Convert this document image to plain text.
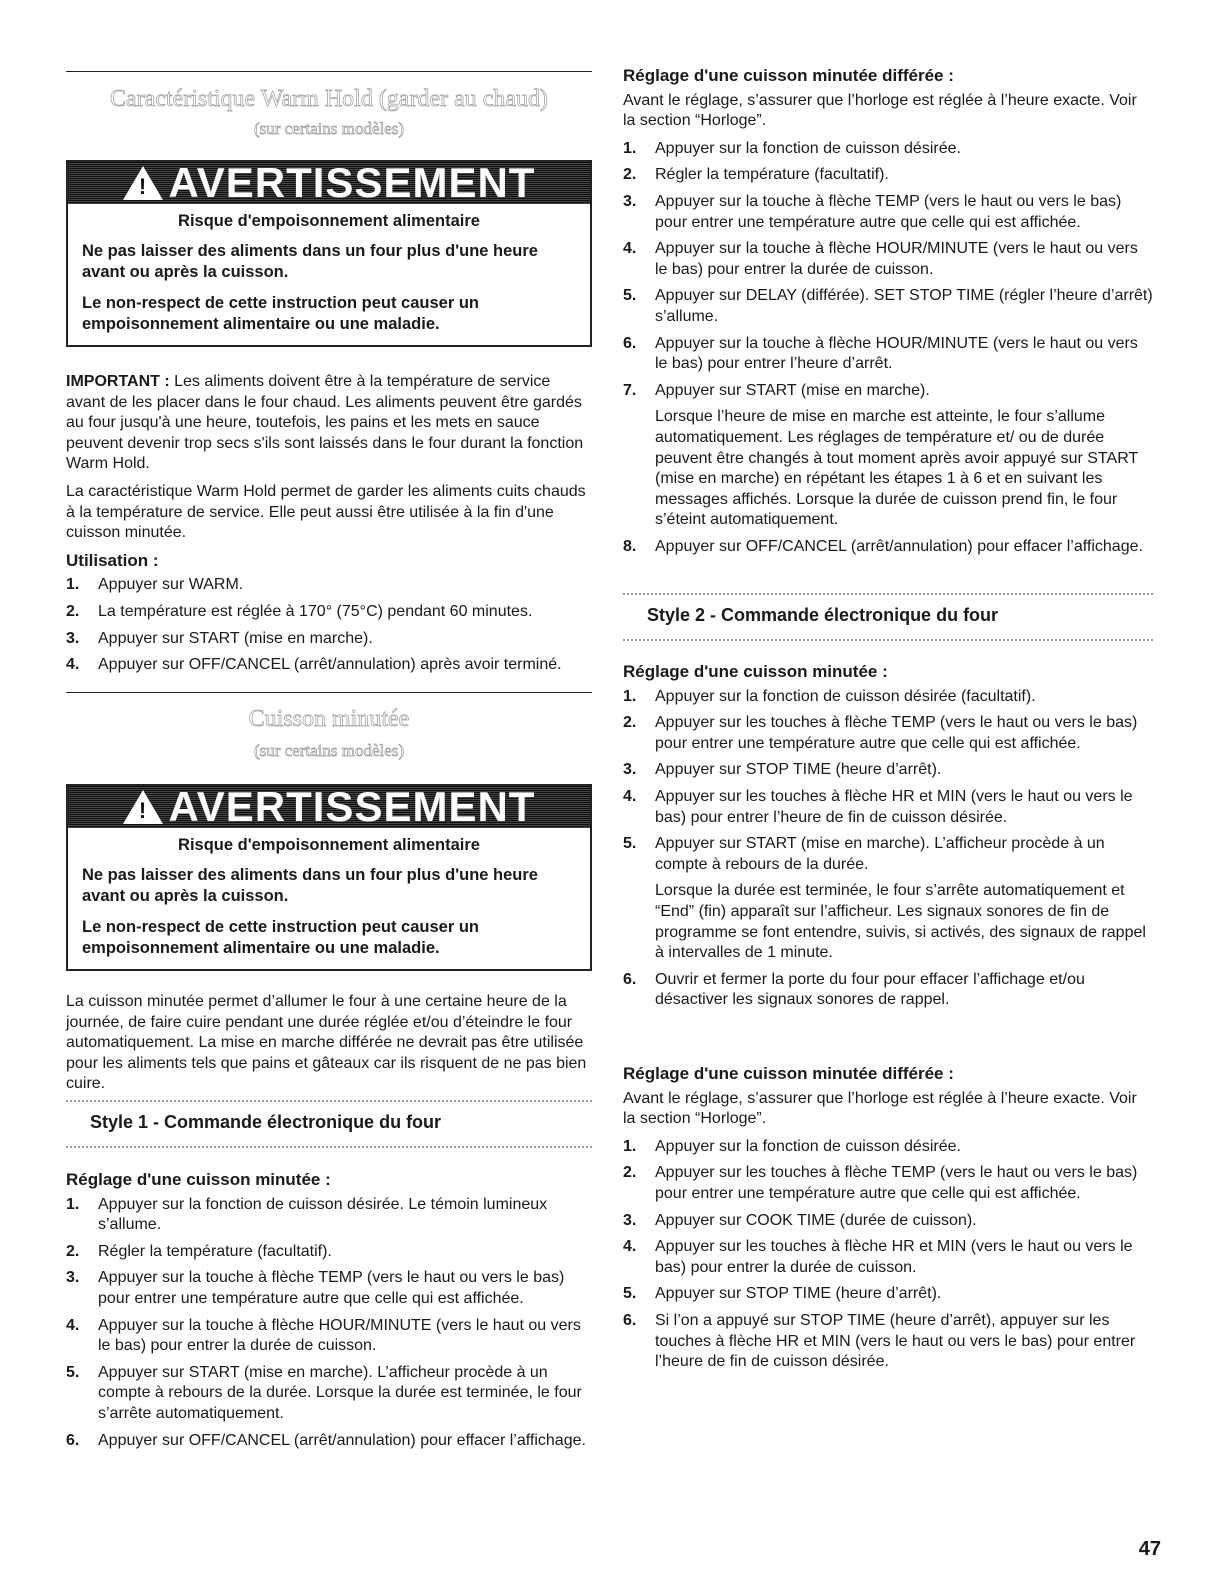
Caractéristique Warm Hold (garder au chaud)
(sur certains modèles)
! AVERTISSEMENT
Risque d'empoisonnement alimentaire

Ne pas laisser des aliments dans un four plus d'une heure avant ou après la cuisson.

Le non-respect de cette instruction peut causer un empoisonnement alimentaire ou une maladie.

IMPORTANT : Les aliments doivent être à la température de service avant de les placer dans le four chaud. Les aliments peuvent être gardés au four jusqu'à une heure, toutefois, les pains et les mets en sauce peuvent devenir trop secs s'ils sont laissés dans le four durant la fonction Warm Hold.

La caractéristique Warm Hold permet de garder les aliments cuits chauds à la température de service. Elle peut aussi être utilisée à la fin d'une cuisson minutée.

Utilisation :
1. Appuyer sur WARM.
2. La température est réglée à 170° (75°C) pendant 60 minutes.
3. Appuyer sur START (mise en marche).
4. Appuyer sur OFF/CANCEL (arrêt/annulation) après avoir terminé.
Cuisson minutée
(sur certains modèles)
! AVERTISSEMENT
Risque d'empoisonnement alimentaire

Ne pas laisser des aliments dans un four plus d'une heure avant ou après la cuisson.

Le non-respect de cette instruction peut causer un empoisonnement alimentaire ou une maladie.

La cuisson minutée permet d’allumer le four à une certaine heure de la journée, de faire cuire pendant une durée réglée et/ou d’éteindre le four automatiquement. La mise en marche différée ne devrait pas être utilisée pour les aliments tels que pains et gâteaux car ils risquent de ne pas bien cuire.

Style 1 - Commande électronique du four
Réglage d'une cuisson minutée :
1. Appuyer sur la fonction de cuisson désirée. Le témoin lumineux s’allume.
2. Régler la température (facultatif).
3. Appuyer sur la touche à flèche TEMP (vers le haut ou vers le bas) pour entrer une température autre que celle qui est affichée.
4. Appuyer sur la touche à flèche HOUR/MINUTE (vers le haut ou vers le bas) pour entrer la durée de cuisson.
5. Appuyer sur START (mise en marche). L’afficheur procède à un compte à rebours de la durée. Lorsque la durée est terminée, le four s’arrête automatiquement.
6. Appuyer sur OFF/CANCEL (arrêt/annulation) pour effacer l’affichage.
Réglage d'une cuisson minutée différée :

Avant le réglage, s’assurer que l’horloge est réglée à l’heure exacte. Voir la section “Horloge”.

1. Appuyer sur la fonction de cuisson désirée.
2. Régler la température (facultatif).
3. Appuyer sur la touche à flèche TEMP (vers le haut ou vers le bas) pour entrer une température autre que celle qui est affichée.
4. Appuyer sur la touche à flèche HOUR/MINUTE (vers le haut ou vers le bas) pour entrer la durée de cuisson.
5. Appuyer sur DELAY (différée). SET STOP TIME (régler l’heure d’arrêt) s’allume.
6. Appuyer sur la touche à flèche HOUR/MINUTE (vers le haut ou vers le bas) pour entrer l’heure d’arrêt.
7. Appuyer sur START (mise en marche).
Lorsque l’heure de mise en marche est atteinte, le four s’allume automatiquement. Les réglages de température et/ ou de durée peuvent être changés à tout moment après avoir appuyé sur START (mise en marche) en répétant les étapes 1 à 6 et en suivant les messages affichés. Lorsque la durée de cuisson prend fin, le four s’éteint automatiquement.
8. Appuyer sur OFF/CANCEL (arrêt/annulation) pour effacer l’affichage.
Style 2 - Commande électronique du four
Réglage d'une cuisson minutée :
1. Appuyer sur la fonction de cuisson désirée (facultatif).
2. Appuyer sur les touches à flèche TEMP (vers le haut ou vers le bas) pour entrer une température autre que celle qui est affichée.
3. Appuyer sur STOP TIME (heure d’arrêt).
4. Appuyer sur les touches à flèche HR et MIN (vers le haut ou vers le bas) pour entrer l’heure de fin de cuisson désirée.
5. Appuyer sur START (mise en marche). L’afficheur procède à un compte à rebours de la durée.
Lorsque la durée est terminée, le four s’arrête automatiquement et “End” (fin) apparaît sur l’afficheur. Les signaux sonores de fin de programme se font entendre, suivis, si activés, des signaux de rappel à intervalles de 1 minute.
6. Ouvrir et fermer la porte du four pour effacer l’affichage et/ou désactiver les signaux sonores de rappel.
Réglage d'une cuisson minutée différée :

Avant le réglage, s’assurer que l’horloge est réglée à l’heure exacte. Voir la section “Horloge”.

1. Appuyer sur la fonction de cuisson désirée.
2. Appuyer sur les touches à flèche TEMP (vers le haut ou vers le bas) pour entrer une température autre que celle qui est affichée.
3. Appuyer sur COOK TIME (durée de cuisson).
4. Appuyer sur les touches à flèche HR et MIN (vers le haut ou vers le bas) pour entrer la durée de cuisson.
5. Appuyer sur STOP TIME (heure d’arrêt).
6. Si l’on a appuyé sur STOP TIME (heure d’arrêt), appuyer sur les touches à flèche HR et MIN (vers le haut ou vers le bas) pour entrer l’heure de fin de cuisson désirée.
47
